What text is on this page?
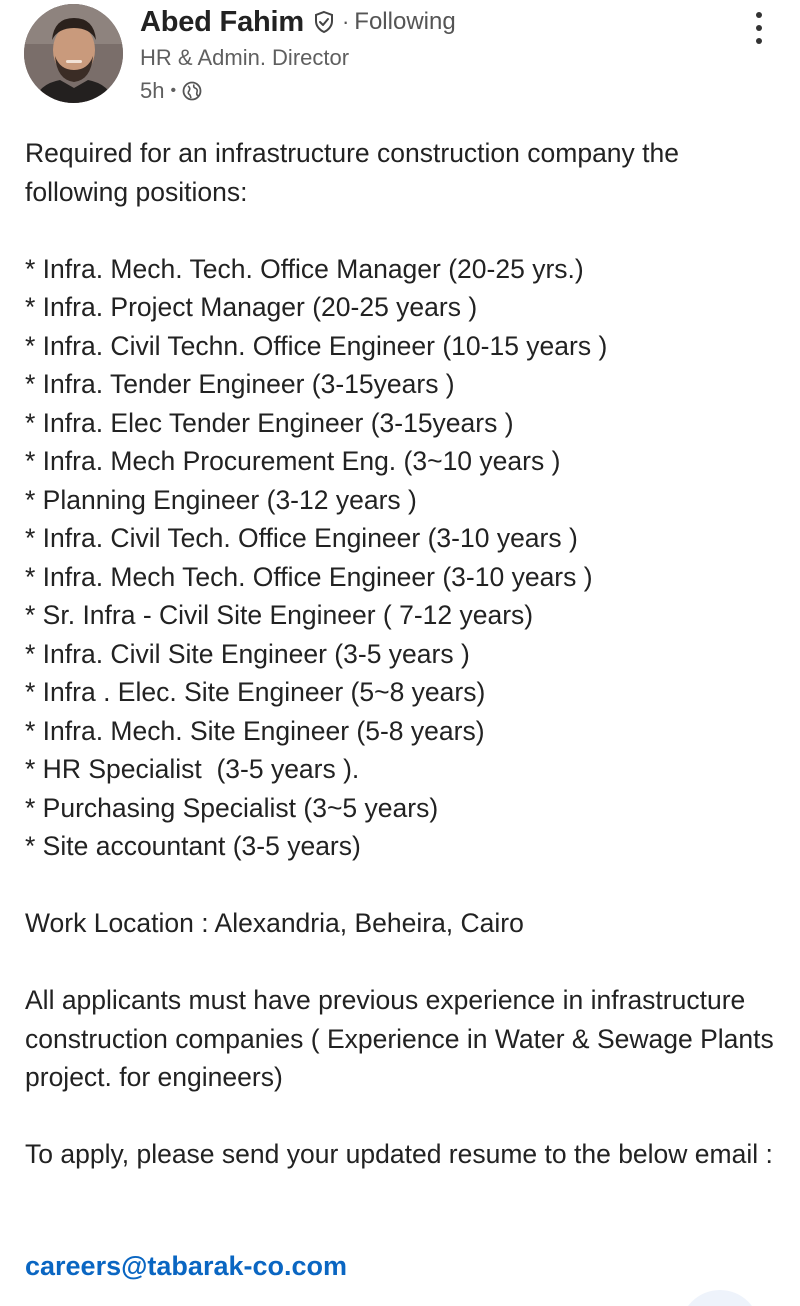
Abed Fahim · Following
HR & Admin. Director
5h •

Required for an infrastructure construction company the following positions:

* Infra. Mech. Tech. Office Manager (20-25 yrs.)
* Infra. Project Manager (20-25 years )
* Infra. Civil Techn. Office Engineer (10-15 years )
* Infra. Tender Engineer (3-15years )
* Infra. Elec Tender Engineer (3-15years )
* Infra. Mech Procurement Eng. (3~10 years )
* Planning Engineer (3-12 years )
* Infra. Civil Tech. Office Engineer (3-10 years )
* Infra. Mech Tech. Office Engineer (3-10 years )
* Sr. Infra - Civil Site Engineer ( 7-12 years)
* Infra. Civil Site Engineer (3-5 years )
* Infra . Elec. Site Engineer (5~8 years)
* Infra. Mech. Site Engineer (5-8 years)
* HR Specialist  (3-5 years ).
* Purchasing Specialist (3~5 years)
* Site accountant (3-5 years)

Work Location : Alexandria, Beheira, Cairo

All applicants must have previous experience in infrastructure construction companies ( Experience in Water & Sewage Plants project. for engineers)

To apply, please send your updated resume to the below email :

careers@tabarak-co.com
